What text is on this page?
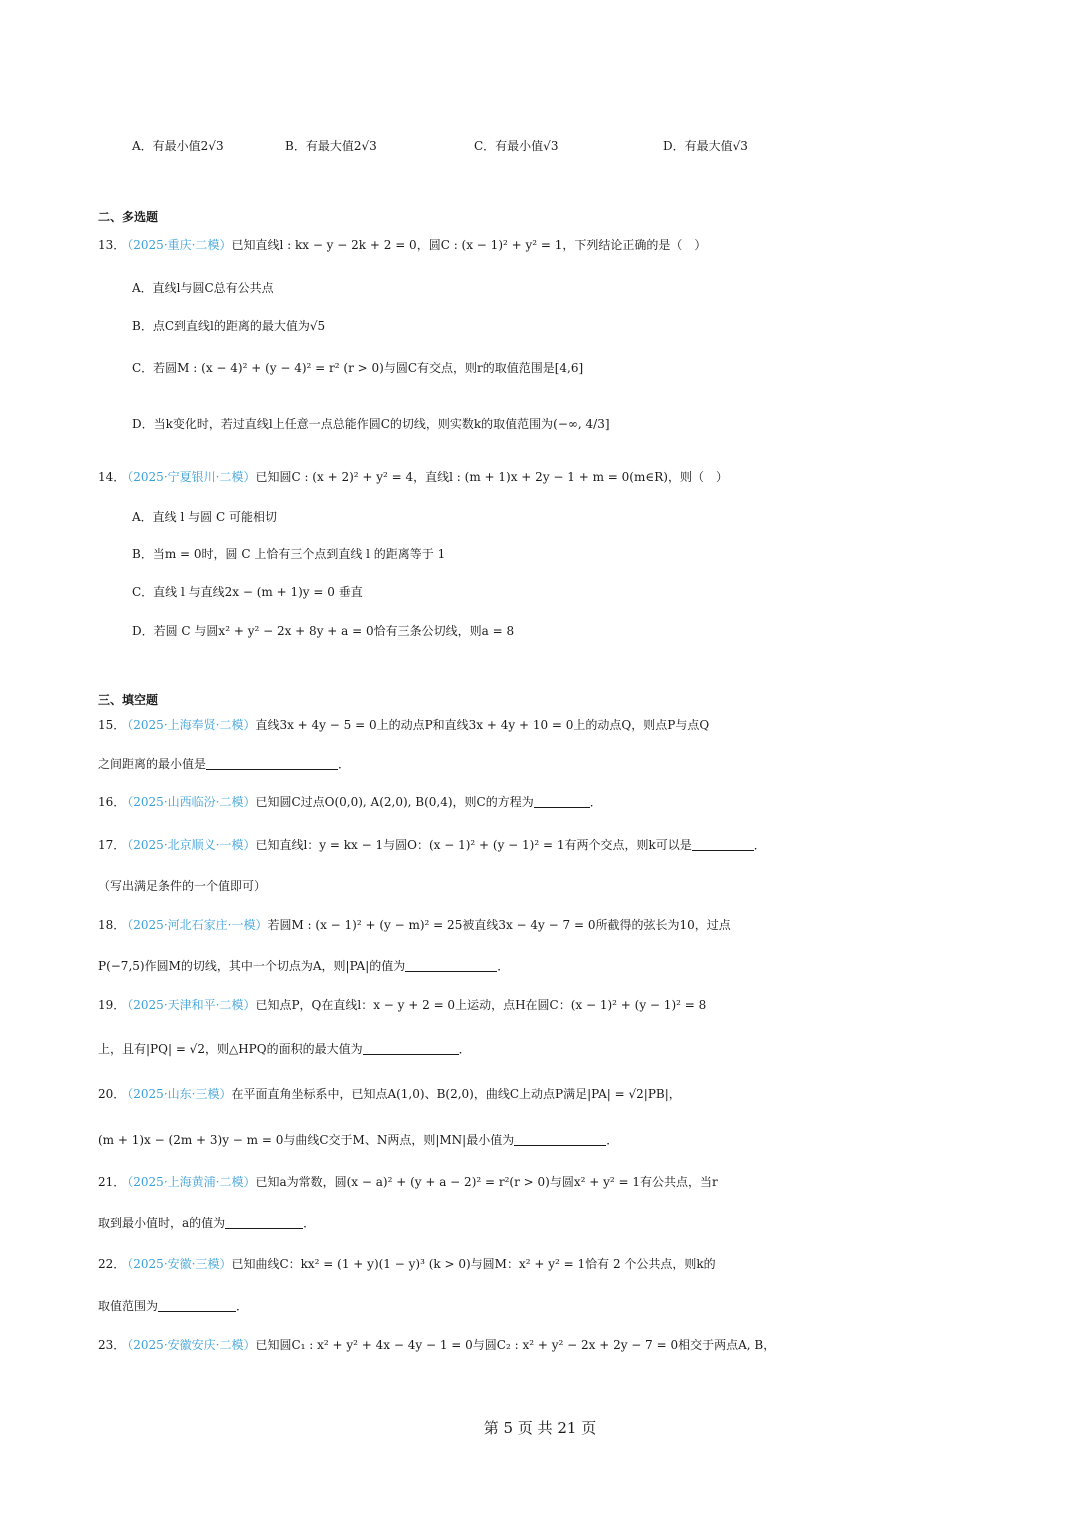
A．有最小值2√3	B．有最大值2√3	C．有最小值√3	D．有最大值√3
二、多选题
13． （2025·重庆·二模）已知直线l : kx − y − 2k + 2 = 0，圆C : (x − 1)² + y² = 1，下列结论正确的是（　）
A．直线l与圆C总有公共点
B．点C到直线l的距离的最大值为√5
C．若圆M : (x − 4)² + (y − 4)² = r² (r > 0)与圆C有交点，则r的取值范围是[4,6]
D．当k变化时，若过直线l上任意一点总能作圆C的切线，则实数k的取值范围为(−∞, 4/3]
14． （2025·宁夏银川·二模）已知圆C : (x + 2)² + y² = 4，直线l : (m + 1)x + 2y − 1 + m = 0(m∈R)，则（　）
A．直线 l 与圆 C 可能相切
B．当m = 0时，圆 C 上恰有三个点到直线 l 的距离等于 1
C．直线 l 与直线2x − (m + 1)y = 0 垂直
D．若圆 C 与圆x² + y² − 2x + 8y + a = 0恰有三条公切线，则a = 8
三、填空题
15． （2025·上海奉贤·二模）直线3x + 4y − 5 = 0上的动点P和直线3x + 4y + 10 = 0上的动点Q，则点P与点Q
之间距离的最小值是	．
16． （2025·山西临汾·二模）已知圆C过点O(0,0), A(2,0), B(0,4)，则C的方程为	．
17． （2025·北京顺义·一模）已知直线l：y = kx − 1与圆O：(x − 1)² + (y − 1)² = 1有两个交点，则k可以是	．
（写出满足条件的一个值即可）
18． （2025·河北石家庄·一模）若圆M : (x − 1)² + (y − m)² = 25被直线3x − 4y − 7 = 0所截得的弦长为10，过点
P(−7,5)作圆M的切线，其中一个切点为A，则|PA|的值为	．
19． （2025·天津和平·二模）已知点P，Q在直线l：x − y + 2 = 0上运动，点H在圆C：(x − 1)² + (y − 1)² = 8
上，且有|PQ| = √2，则△HPQ的面积的最大值为	．
20． （2025·山东·三模）在平面直角坐标系中，已知点A(1,0)、B(2,0)，曲线C上动点P满足|PA| = √2|PB|，
(m + 1)x − (2m + 3)y − m = 0与曲线C交于M、N两点，则|MN|最小值为	．
21． （2025·上海黄浦·二模）已知a为常数，圆(x − a)² + (y + a − 2)² = r²(r > 0)与圆x² + y² = 1有公共点，当r
取到最小值时，a的值为	．
22． （2025·安徽·三模）已知曲线C：kx² = (1 + y)(1 − y)³ (k > 0)与圆M：x² + y² = 1恰有 2 个公共点，则k的
取值范围为	．
23． （2025·安徽安庆·二模）已知圆C₁ : x² + y² + 4x − 4y − 1 = 0与圆C₂ : x² + y² − 2x + 2y − 7 = 0相交于两点A, B，
第 5 页 共 21 页
